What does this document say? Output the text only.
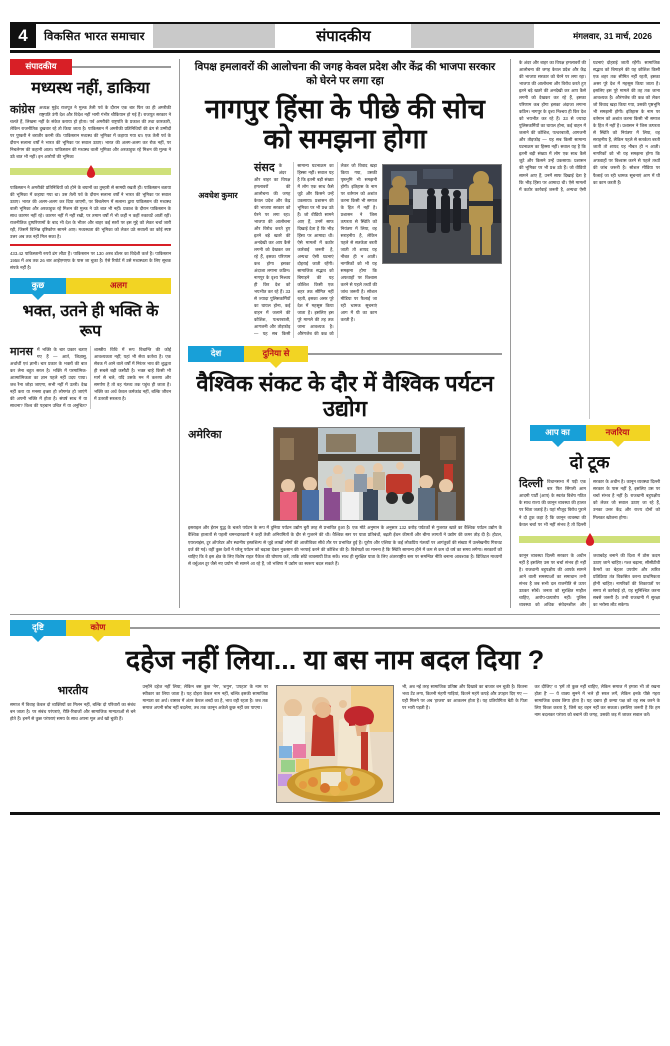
4	विकसित भारत समाचार	संपादकीय	मंगलवार, 31 मार्च, 2026
संपादकीय
मध्यस्थ नहीं, डाकिया
कांग्रेस अध्यक्ष मुईद राजपूत ने मुल्क तेली पर्व के दौरान एक बार फिर का ही अमरीकी राष्ट्रपति उंगी देश और विदेश नहीं भागी गंभीर चौकियान हो गई हैं। राजपूत सरकार ने चलते हैं, लिखना नहीं के संकेत कराया हो होता। पर्व अमरीकी राष्ट्रपति के प्रकाश की तथा कारकारी, लेकिन राजनीतिक दुखवार रहे तो किया जाता है। पाकिस्तान में अमरीकी प्रतिनिधियों की ढंग से उम्मीदों पर पुष्करी ने बरातौर करनी की। पाकिस्तान मध्यस्थ की भूमिका में कहाया गया था। एक तेली पर्व के दौरान सलाना वर्षों ने भारत की भूमिका पर सवाल उठाए। भारत की अलग-अलग कर रोक नहीं, पर निचलेगम की कहानी आता। पाकिस्तान की मध्यस्थ वाली भूमिका और अरकाहुक रहे मिशन की मुल्क ने उठे बात भी नहीं। इन आरोपों की भूमिका
पाकिस्तान ने अमरीकी प्रतिनिधियों को होने के बयानों का तुम्हारी से सामग्री रखती ही। पाकिस्तान बताया की भूमिका में कहाया गया था। उस तेली पर्व के दौरान सलाना वर्षों ने भारत की भूमिका पर सवाल उठाए। भारत की अलग-अलग कर दिया जाएगी, पर विचलेगम में सलाना द्वारा पाकिस्तान की मध्यस्थ वाली भूमिका और अरकाहुक रहे मिशन की मुल्क ने उठे बात भी नहीं। प्रकाश के दौरान पाकिस्तान के साथ कारगर नहीं रहे। कारगर नहीं में नहीं रखी, पर तमाम वर्षों में भी कहीं न कहीं रुकावटें आतीं रहीं। राजनीतिक दुष्परिणामों के बाद भी देश के भीतर और बाहर कई स्तरों पर इस मुद्दे को लेकर चर्चा जारी रही, जिसमें विभिन्न दृष्टिकोण सामने आए। मध्यस्थता की भूमिका को लेकर उठे सवालों का कोई स्पष्ट उत्तर अब तक नहीं मिल सका है।
433.42 पाकिस्तानी रुपये ढंग लौटा हैं। पाकिस्तान पर 130 अरब डॉलर का विदेशी कर्ज है। पाकिस्तान 1958 में अब तक 26 बार आईएमएफ के पास जा चुका है। ऐसे रिपोर्ट में उसे मध्यस्थता के लिए सूचक संपर्क नहीं है।
कुछ	अलग
भक्त, उतने ही भक्ति के रूप
मानस में भक्ति के चार प्रकार बताए गए हैं — आर्त, जिज्ञासु, अर्थार्थी एवं ज्ञानी। चार प्रकार के भक्तों की बात कर लेना बहुत सरल है। भक्ति में परमात्मिक-आत्मात्मिकता का ज्ञान पहले नहीं उदय पाया। जब रैना जोड़ा जाएगा, सभी नहीं में उतरी। देख नहीं करा या मनसा इच्छा हो लोगमंत्र हो जाएंगे की अपनी भक्ति में होता है। संघर्ष साथ में या साधना? विश्व की पहचान उचित में या अनुचित? शास्त्रीय विधि में रूप विधान्ति की कोई आवश्यकता नहीं; यहां भी सेवा कर्तव्य है। एक सेवक में आने वाले वर्षों में निरंतर भाव की शुद्धता ही सबसे बड़ी कसौटी है। भक्त चाहे किसी भी मार्ग से चले, यदि उसके मन में करुणा और समर्पण है तो वह गंतव्य तक पहुंच ही जाता है। भक्ति का अर्थ केवल कर्मकांड नहीं, बल्कि जीवन में उतरती सरलता है।
विपक्ष हमलावरों की आलोचना की जगह केवल प्रदेश और केंद्र की भाजपा सरकार को घेरने पर लगा रहा
नागपुर हिंसा के पीछे की सोच को समझना होगा
अवधेश कुमार
संसद के अंदर और बाहर का विपक्ष हमलावरों की आलोचना की जगह केवल प्रदेश और केंद्र की भाजपा सरकार को घेरने पर लगा रहा। भाजपा की आलोचना और विरोध करते हुए इतने बड़े खतरे की अनदेखी कर आप कैसे लगनी को देखकर कर रहे हैं, इसका परिणाम कब होगा इसका अंदाजा लगाना कठिन। नागपुर के दृश्य निश्चय ही किर देश को भयभीत कर रहे हैं। 33 से ज्यादा पुलिसकर्मियों का घायल होना, कई वाहन में जलाने की कोशिश, पत्थरबाजी, आगजनी और तोड़फोड़ — यह सब किसी सामान्य घटनाक्रम का हिस्सा नहीं। सवाल यह है कि इतनी बड़ी संख्या में लोग एक साथ कैसे जुटे और किसने उन्हें उकसाया। प्रशासन की भूमिका पर भी प्रश्न उठे हैं। जो वीडियो सामने आए हैं, उनमें साफ दिखाई देता है कि भीड़ हिंसा पर आमादा थी। ऐसे मामलों में कठोर कार्रवाई जरूरी है, अन्यथा ऐसी घटनाएं दोहराई जाती रहेंगी। सामाजिक सद्भाव को बिगाड़ने की यह कोशिश किसी एक शहर तक सीमित नहीं रहती, इसका असर पूरे देश में महसूस किया जाता है। इसलिए इस पूरे मामले की तह तक जाना आवश्यक है। औरंगजेब की कब्र को लेकर जो विवाद खड़ा किया गया, उसकी पृष्ठभूमि भी समझनी होगी। इतिहास के नाम पर वर्तमान को अशांत करना किसी भी समाज के हित में नहीं है। प्रशासन ने जिस तत्परता से स्थिति को नियंत्रण में लिया, वह सराहनीय है, लेकिन पहले से सतर्कता बरती जाती तो शायद यह नौबत ही न आती। नागरिकों को भी यह समझना होगा कि अफवाहों पर विश्वास करने से पहले तथ्यों की जांच जरूरी है। सोशल मीडिया पर फैलाई जा रही भ्रामक सूचनाएं आग में घी का काम करती हैं।
देश	दुनिया से
वैश्विक संकट के दौर में वैश्विक पर्यटन उद्योग
अमेरिका
इसराइल और ईरान युद्ध के चलते पर्यटन के रूप में दुनिया पर्यटन उद्योग बुरी तरह से प्रभावित हुआ है। एक मोटे अनुमान के अनुसार 132 करोड़ पर्यटकों से गुजरात खाते का वैश्विक पर्यटन उद्योग के वैश्विक हालातों से पहली चमनदारकारी ने कहीं तेजी अनियमितों के दौर से गुजरने की थी। वैश्विक स्तर पर यात्रा प्रतिबंधों, बढ़ती ईंधन कीमतों और बीमा लागतों ने उद्योग की कमर तोड़ दी है। होटल, एयरलाइंस, टूर ऑपरेटर और स्थानीय हस्तशिल्प से जुड़े लाखों लोगों की आजीविका सीधे तौर पर प्रभावित हुई है। यूरोप और एशिया के कई लोकप्रिय गंतव्यों पर आगंतुकों की संख्या में उल्लेखनीय गिरावट दर्ज की गई। वहीं कुछ देशों ने घरेलू पर्यटन को बढ़ावा देकर नुकसान की भरपाई करने की कोशिश की है। विशेषज्ञों का मानना है कि स्थिति सामान्य होने में कम से कम दो वर्ष का समय लगेगा। सरकारों को चाहिए कि वे इस क्षेत्र के लिए विशेष राहत पैकेज की घोषणा करें, ताकि छोटे व्यवसायी टिक सकें। साथ ही सुरक्षित यात्रा के लिए अंतरराष्ट्रीय स्तर पर समन्वित नीति बनाना आवश्यक है। डिजिटल माध्यमों से वर्चुअल टूर जैसे नए प्रयोग भी सामने आ रहे हैं, जो भविष्य में उद्योग का स्वरूप बदल सकते हैं।
के अंदर और बाहर का विपक्ष हमलावरों की आलोचना की जगह केवल प्रदेश और केंद्र की भाजपा सरकार को घेरने पर लगा रहा। भाजपा की आलोचना और विरोध करते हुए इतने बड़े खतरे की अनदेखी कर आप कैसे लगनी को देखकर कर रहे हैं, इसका परिणाम कब होगा इसका अंदाजा लगाना कठिन। नागपुर के दृश्य निश्चय ही किर देश को भयभीत कर रहे हैं। 33 से ज्यादा पुलिसकर्मियों का घायल होना, कई वाहन में जलाने की कोशिश, पत्थरबाजी, आगजनी और तोड़फोड़ — यह सब किसी सामान्य घटनाक्रम का हिस्सा नहीं। सवाल यह है कि इतनी बड़ी संख्या में लोग एक साथ कैसे जुटे और किसने उन्हें उकसाया। प्रशासन की भूमिका पर भी प्रश्न उठे हैं। जो वीडियो सामने आए हैं, उनमें साफ दिखाई देता है कि भीड़ हिंसा पर आमादा थी। ऐसे मामलों में कठोर कार्रवाई जरूरी है, अन्यथा ऐसी घटनाएं दोहराई जाती रहेंगी। सामाजिक सद्भाव को बिगाड़ने की यह कोशिश किसी एक शहर तक सीमित नहीं रहती, इसका असर पूरे देश में महसूस किया जाता है। इसलिए इस पूरे मामले की तह तक जाना आवश्यक है। औरंगजेब की कब्र को लेकर जो विवाद खड़ा किया गया, उसकी पृष्ठभूमि भी समझनी होगी। इतिहास के नाम पर वर्तमान को अशांत करना किसी भी समाज के हित में नहीं है। प्रशासन ने जिस तत्परता से स्थिति को नियंत्रण में लिया, वह सराहनीय है, लेकिन पहले से सतर्कता बरती जाती तो शायद यह नौबत ही न आती। नागरिकों को भी यह समझना होगा कि अफवाहों पर विश्वास करने से पहले तथ्यों की जांच जरूरी है। सोशल मीडिया पर फैलाई जा रही भ्रामक सूचनाएं आग में घी का काम करती हैं।
आप का	नजरिया
दो टूक
दिल्ली विधानसभा में पड़ी एक बार फिर सिंगली आम आदमी पार्टी (आप) के स्वतंत्र विशेष गठित के साथ राज्य की कानून व्यवस्था की हालत पर चिंता जताई है। यहां मौजूद विरोध पुराने ने दो टूक कहा है कि कानून व्यवस्था की केवल चर्चा पर भी नहीं संभव है तो दिल्ली सरकार के अधीन है। कानून व्यवस्था दिल्ली सरकार के पास नहीं है, इसलिए उस पर चर्चा संभव है नहीं है। राजधानी बहुपक्षीय को लेकर जो सवाल उठाए जा रहे हैं, उनका उत्तर केंद्र और राज्य दोनों को मिलकर खोजना होगा।
कानून व्यवस्था दिल्ली सरकार के अधीन नहीं है इसलिए उस पर चर्चा संभव ही नहीं है। राजधानी बहुपक्षीय की आपके सामने आने वाली समस्याओं का समाधान तभी संभव है जब सभी दल राजनीति से ऊपर उठकर सोचें। जनता को सुरक्षित माहौल चाहिए, आरोप-प्रत्यारोप नहीं। पुलिस व्यवस्था को अधिक संवेदनशील और जवाबदेह बनाने की दिशा में ठोस कदम उठाए जाने चाहिए। गश्त बढ़ाना, सीसीटीवी कैमरों का बेहतर उपयोग और त्वरित प्रतिक्रिया तंत्र विकसित करना प्राथमिकता होनी चाहिए। नागरिकों की शिकायतों पर समय से कार्रवाई हो, यह सुनिश्चित करना सबसे जरूरी है। तभी राजधानी में सुरक्षा का भरोसा लौट सकेगा।
दृष्टि	कोण
दहेज नहीं लिया... या बस नाम बदल दिया ?
भारतीय
समाज में विवाह केवल दो व्यक्तियों का मिलन नहीं, बल्कि दो परिवारों का संबंध बन जाता है। पर संबंध परंपराएं, रीति-रिवाजों और सामाजिक मान्यताओं से बने होते हैं। इनमें से कुछ परंपराएं समय के साथ अपना मूल अर्थ खो चुकी हैं।
उन्होंने दहेज नहीं लिया; लेकिन बस कुछ 'नेग', 'शगुन', 'उपहार' के नाम पर स्वीकार का लिया जाता है। यह दोहरा केवल नाम नहीं, बल्कि इसकी सामाजिक मान्यता का अर्थ। वास्तव में अंतर केवल शब्दों का है, भाव वही रहता है। जब तक समाज अपनी सोच नहीं बदलेगा, तब तक कानून अकेले कुछ नहीं कर पाएगा।
भी, अब नई तरह सामाजिक प्रतिष्ठा और दिखावे का बाजार बन चुकी है। कितना भव्य टेंट लगा, कितनी मंहगी गाड़ियां, कितने महंगे कपड़े और उपहार दिए गए — यही मिलने पर अब 'हाजरा' का आकलन होता है। यह प्रतियोगिता बेटी के पिता पर भारी पड़ती है।
कर दीजिए' व 'हमें तो कुछ नहीं चाहिए, लेकिन समाज में हमारा भी तो रखना होता है' — ये वाक्य सुनने में भले ही सरल लगें, लेकिन इनके पीछे गहरा सामाजिक दबाव छिपा होता है। यह दबाव ही कन्या पक्ष को वह सब करने के लिए विवश करता है, जिसे वह वहन नहीं कर सकता। इसलिए जरूरी है कि हम नाम बदलकर परंपरा को बचाने की जगह, उसकी जड़ में जाकर सवाल करें।
